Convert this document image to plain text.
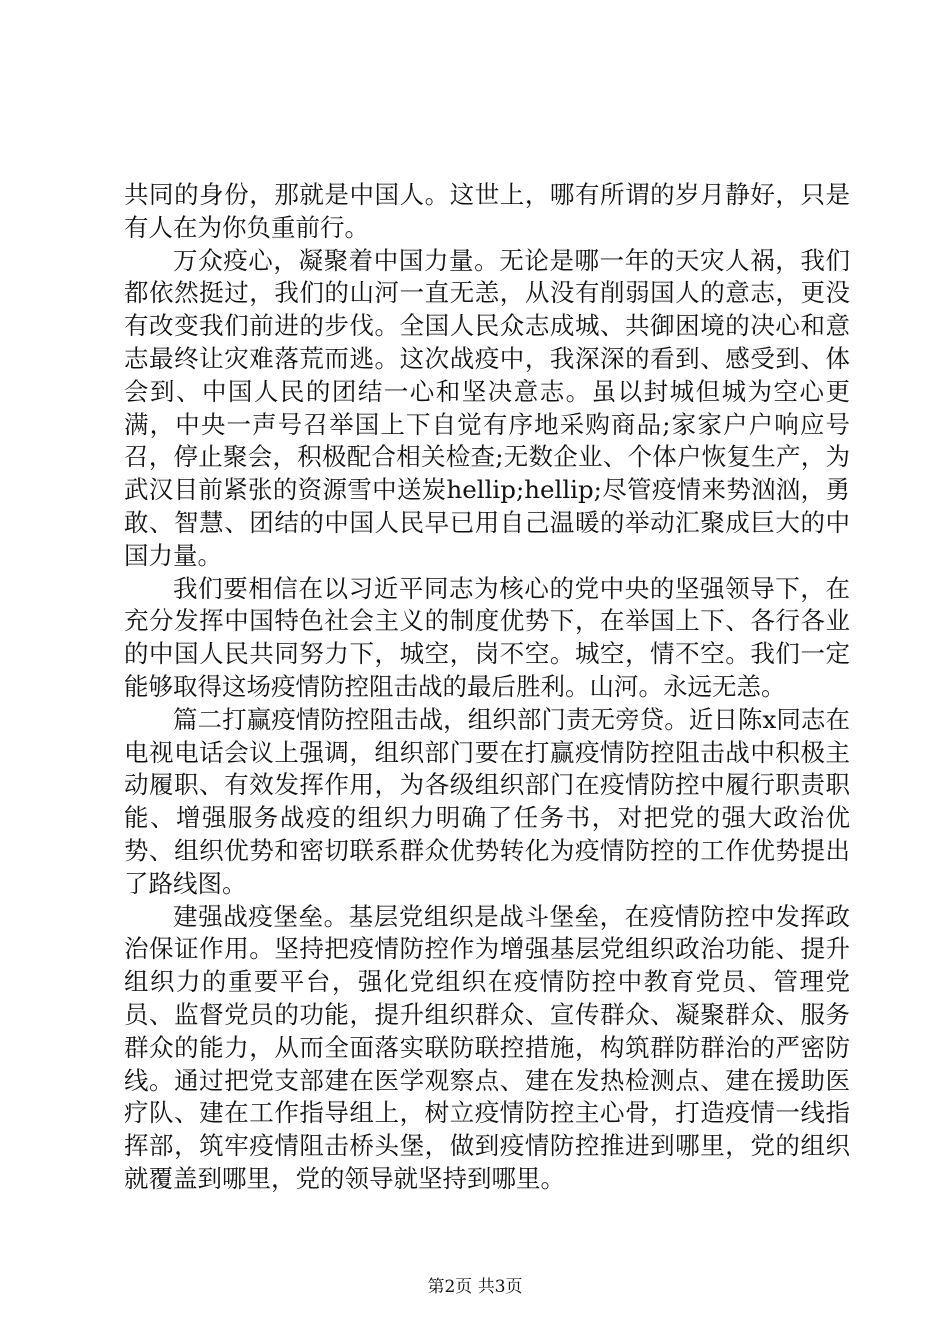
共同的身份，那就是中国人。这世上，哪有所谓的岁月静好，只是有人在为你负重前行。

万众疫心，凝聚着中国力量。无论是哪一年的天灾人祸，我们都依然挺过，我们的山河一直无恙，从没有削弱国人的意志，更没有改变我们前进的步伐。全国人民众志成城、共御困境的决心和意志最终让灾难落荒而逃。这次战疫中，我深深的看到、感受到、体会到、中国人民的团结一心和坚决意志。虽以封城但城为空心更满，中央一声号召举国上下自觉有序地采购商品;家家户户响应号召，停止聚会，积极配合相关检查;无数企业、个体户恢复生产，为武汉目前紧张的资源雪中送炭hellip;hellip;尽管疫情来势汹汹，勇敢、智慧、团结的中国人民早已用自己温暖的举动汇聚成巨大的中国力量。

我们要相信在以习近平同志为核心的党中央的坚强领导下，在充分发挥中国特色社会主义的制度优势下，在举国上下、各行各业的中国人民共同努力下，城空，岗不空。城空，情不空。我们一定能够取得这场疫情防控阻击战的最后胜利。山河。永远无恙。

篇二打赢疫情防控阻击战，组织部门责无旁贷。近日陈x同志在电视电话会议上强调，组织部门要在打赢疫情防控阻击战中积极主动履职、有效发挥作用，为各级组织部门在疫情防控中履行职责职能、增强服务战疫的组织力明确了任务书，对把党的强大政治优势、组织优势和密切联系群众优势转化为疫情防控的工作优势提出了路线图。

建强战疫堡垒。基层党组织是战斗堡垒，在疫情防控中发挥政治保证作用。坚持把疫情防控作为增强基层党组织政治功能、提升组织力的重要平台，强化党组织在疫情防控中教育党员、管理党员、监督党员的功能，提升组织群众、宣传群众、凝聚群众、服务群众的能力，从而全面落实联防联控措施，构筑群防群治的严密防线。通过把党支部建在医学观察点、建在发热检测点、建在援助医疗队、建在工作指导组上，树立疫情防控主心骨，打造疫情一线指挥部，筑牢疫情阻击桥头堡，做到疫情防控推进到哪里，党的组织就覆盖到哪里，党的领导就坚持到哪里。

第2页 共3页
